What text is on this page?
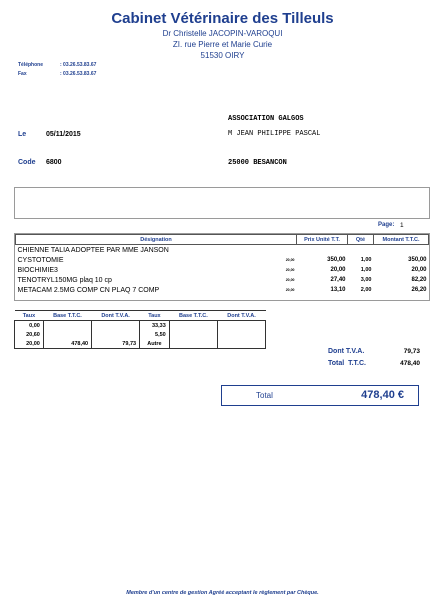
Cabinet Vétérinaire des Tilleuls
Dr Christelle JACOPIN-VAROQUI
ZI. rue Pierre et Marie Curie
51530 OIRY
Téléphone	: 03.26.53.83.67
Fax	: 03.26.53.83.67
ASSOCIATION GALGOS
M JEAN PHILIPPE PASCAL
25000 BESANCON
Le	05/11/2015
Code 6800
Page: 1
Désignation	Prix Unité T.T.	Qté	Montant T.T.C.
CHIENNE TALIA ADOPTEE PAR MME JANSON			
CYSTOTOMIE 20,00	350,00	1,00	350,00
BIOCHIMIE3 20,00	20,00	1,00	20,00
TENOTRYL150MG plaq 10 cp 20,00	27,40	3,00	82,20
METACAM 2.5MG COMP CN PLAQ 7 COMP 20,00	13,10	2,00	26,20
Taux	Base T.T.C.	Dont T.V.A.	Taux	Base T.T.C.	Dont T.V.A.
0,00			33,33		
20,60			5,50		
20,00	478,40	79,73	Autre		
Dont T.V.A.	79,73
Total  T.T.C.	478,40
Total	478,40 €
Membre d'un centre de gestion Agréé acceptant le règlement par Chèque.
